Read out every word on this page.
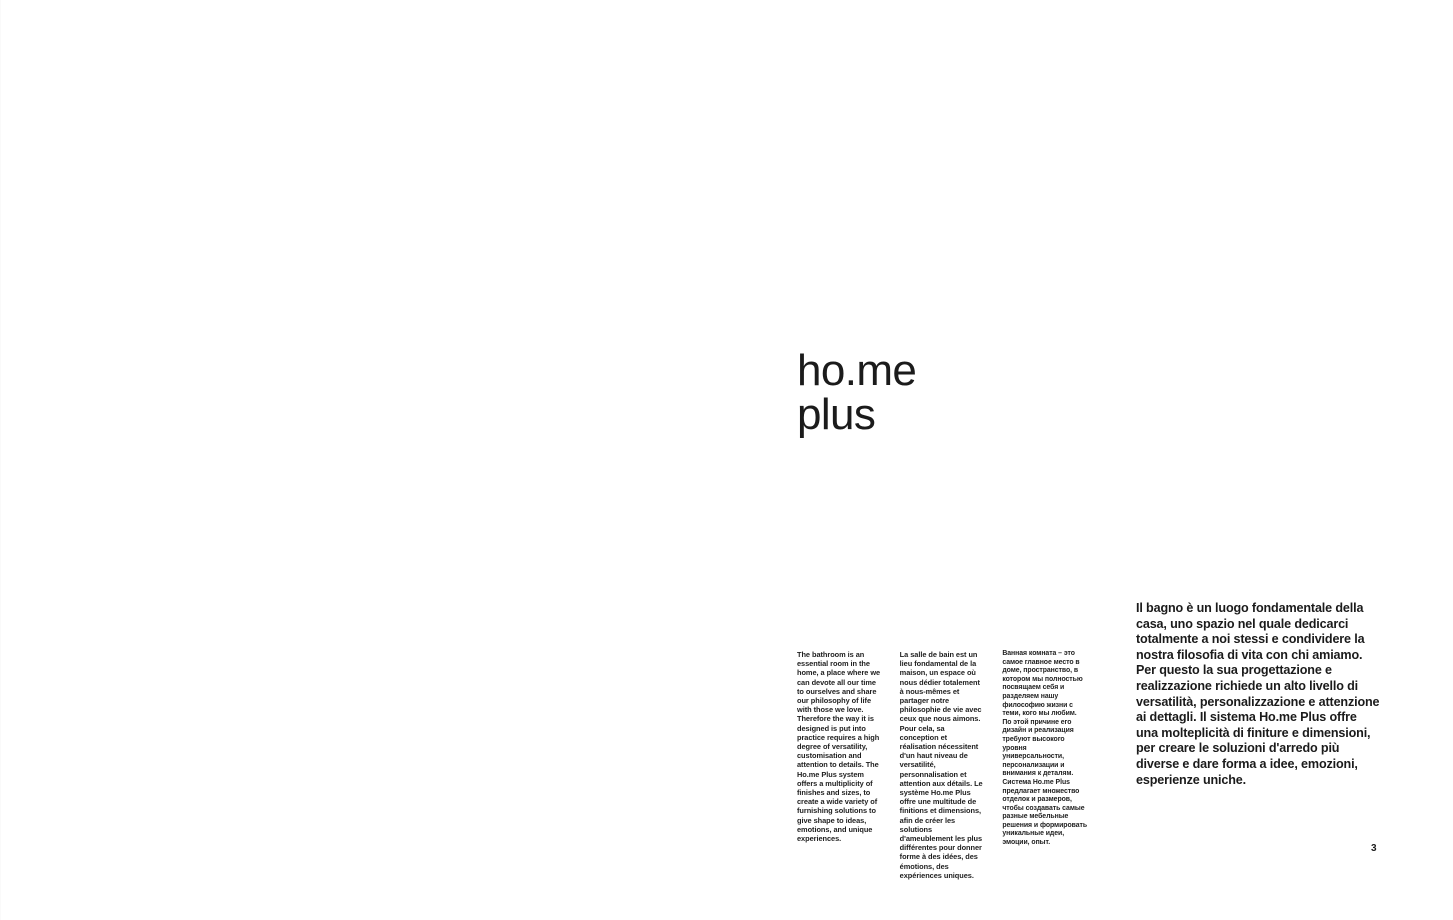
ho.me
plus

The bathroom is an essential room in the home, a place where we can devote all our time to ourselves and share our philosophy of life with those we love. Therefore the way it is designed is put into practice requires a high degree of versatility, customisation and attention to details. The Ho.me Plus system offers a multiplicity of finishes and sizes, to create a wide variety of furnishing solutions to give shape to ideas, emotions, and unique experiences.

La salle de bain est un lieu fondamental de la maison, un espace où nous dédier totalement à nous-mêmes et partager notre philosophie de vie avec ceux que nous aimons. Pour cela, sa conception et réalisation nécessitent d'un haut niveau de versatilité, personnalisation et attention aux détails. Le système Ho.me Plus offre une multitude de finitions et dimensions, afin de créer les solutions d'ameublement les plus différentes pour donner forme à des idées, des émotions, des expériences uniques.

Ванная комната – это самое главное место в доме, пространство, в котором мы полностью посвящаем себя и разделяем нашу философию жизни с теми, кого мы любим. По этой причине его дизайн и реализация требуют высокого уровня универсальности, персонализации и внимания к деталям. Система Ho.me Plus предлагает множество отделок и размеров, чтобы создавать самые разные мебельные решения и формировать уникальные идеи, эмоции, опыт.

Il bagno è un luogo fondamentale della casa, uno spazio nel quale dedicarci totalmente a noi stessi e condividere la nostra filosofia di vita con chi amiamo. Per questo la sua progettazione e realizzazione richiede un alto livello di versatilità, personalizzazione e attenzione ai dettagli. Il sistema Ho.me Plus offre una molteplicità di finiture e dimensioni, per creare le soluzioni d'arredo più diverse e dare forma a idee, emozioni, esperienze uniche.
3
